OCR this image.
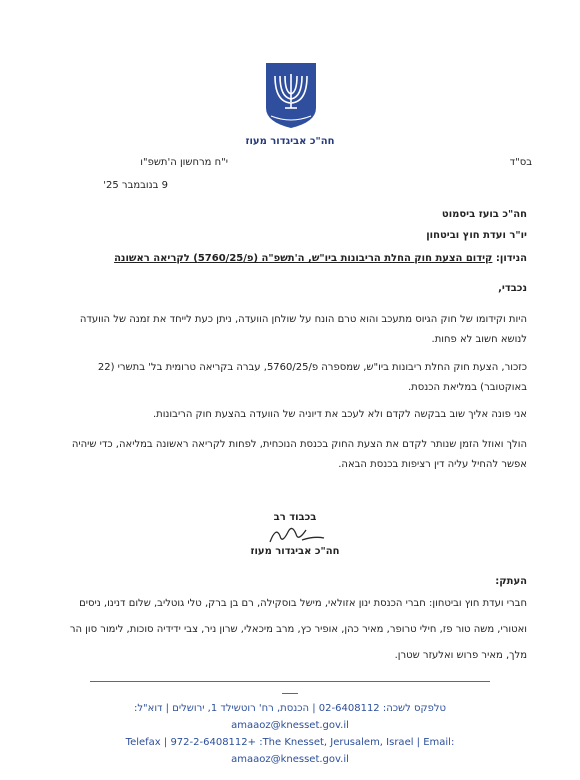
חה"כ אביגדור מעוז
בס"ד
י"ח מרחשון ה'תשפ"ו
9 בנובמבר 25'
חה"כ בועז ביסמוט
יו"ר ועדת חוץ וביטחון
הנידון: קידום הצעת חוק החלת הריבונות ביו"ש, ה'תשפ"ה (פ/5760/25) לקריאה ראשונה
נכבדי,
היות וקידומו של חוק הגיוס מתעכב והוא טרם הונח על שולחן הוועדה, ניתן כעת לייחד את זמנה של הוועדה לנושא חשוב לא פחות.
כזכור, הצעת חוק החלת ריבונות ביו"ש, שמספרה פ/5760/25, עברה בקריאה טרומית בל' בתשרי (22 באוקטובר) במליאת הכנסת.
אני פונה אליך שוב בבקשה לקדם ולא לעכב את דיוניה של הוועדה בהצעת חוק הריבונות.
הולך ואוזל הזמן שנותר לקדם את הצעת החוק בכנסת הנוכחית, לפחות לקריאה ראשונה במליאה, כדי שיהיה אפשר להחיל עליה דין רציפות בכנסת הבאה.
בכבוד רב
חה"כ אביגדור מעוז
העתק:
חברי ועדת חוץ וביטחון: חברי הכנסת ינון אזולאי, מישל בוסקילה, רם בן ברק, טלי גוטליב, שלום דנינו, ניסים ואטורי, משה טור פז, חילי טרופר, מאיר כהן, אופיר כץ, מרב מיכאלי, שרון ניר, צבי ידידיה סוכות, לימור סון הר מלך, מאיר פרוש ואלעזר שטרן.
טלפקס לשכה: 02-6408112 | הכנסת, רח' רוטשילד 1, ירושלים | דוא"ל:
amaaoz@knesset.gov.il
Telefax | 972-2-6408112+ :The Knesset, Jerusalem, Israel | Email:
amaaoz@knesset.gov.il
